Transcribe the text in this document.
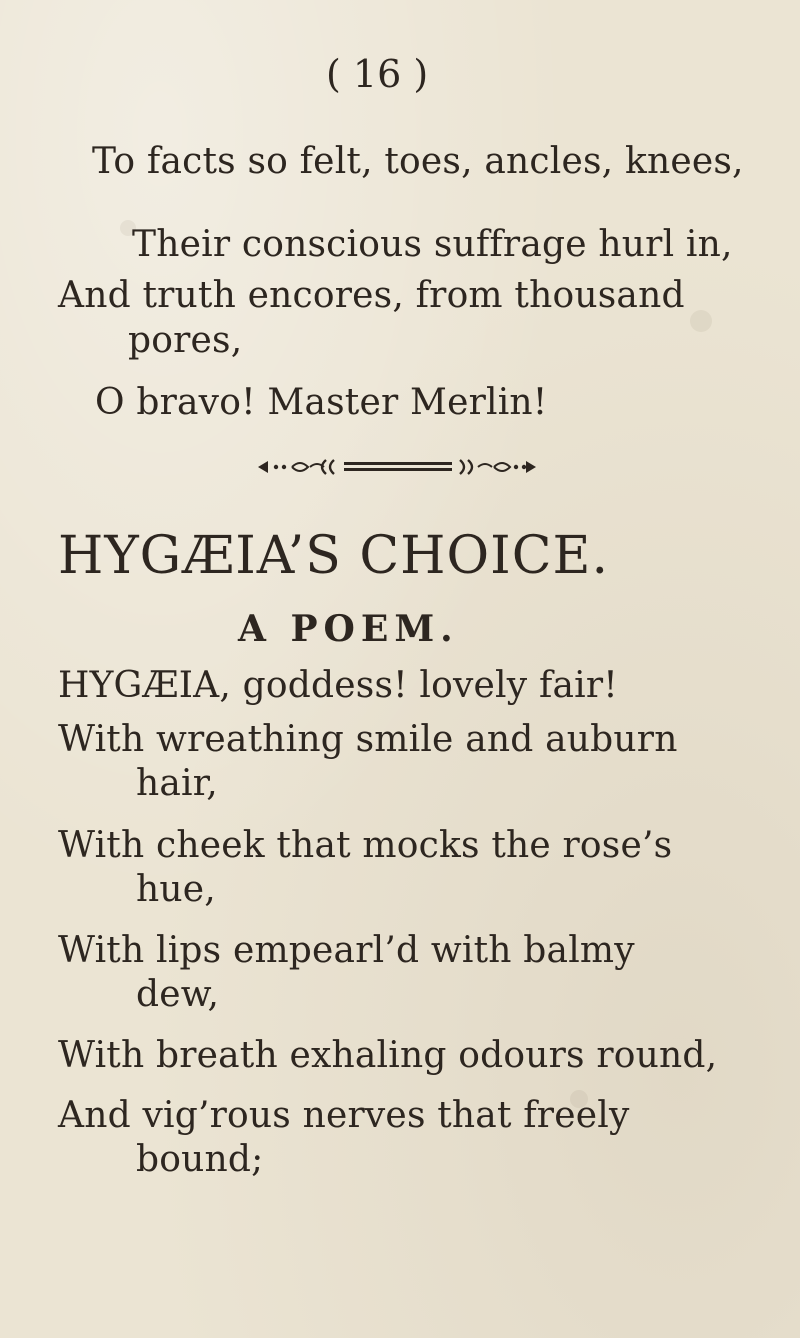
( 16 )
To facts so felt, toes, ancles, knees,
Their conscious suffrage hurl in,
And truth encores, from thousand
pores,
O bravo! Master Merlin!
HYGÆIA’S CHOICE.
A POEM.
HYGÆIA, goddess! lovely fair!
With wreathing smile and auburn
hair,
With cheek that mocks the rose’s
hue,
With lips empearl’d with balmy
dew,
With breath exhaling odours round,
And vig’rous nerves that freely
bound;
